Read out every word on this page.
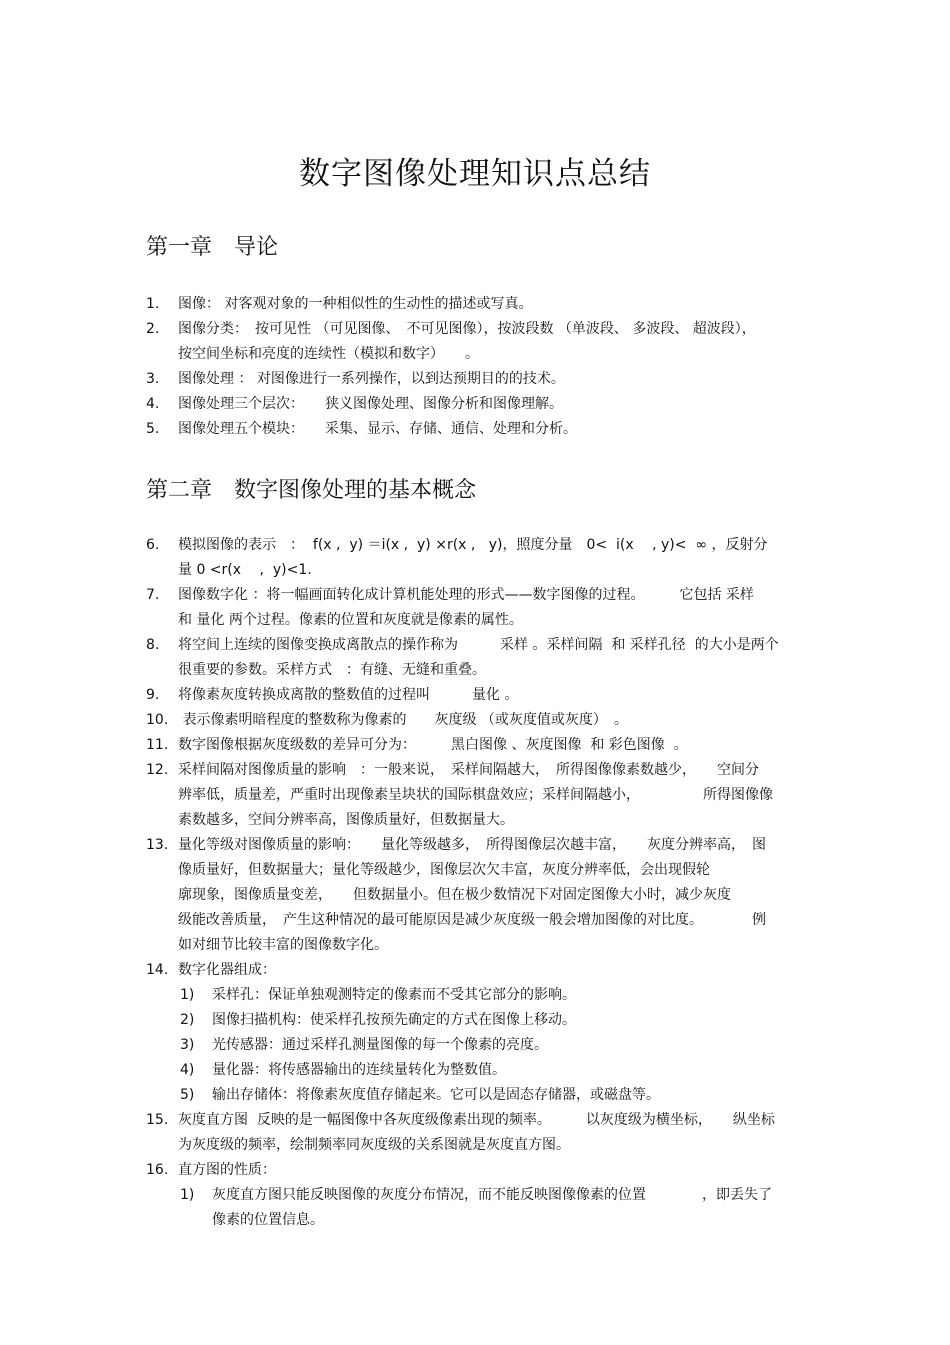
数字图像处理知识点总结
第一章　导论
第二章　数字图像处理的基本概念
1. 图像： 对客观对象的一种相似性的生动性的描述或写真。
2. 图像分类：　按可见性 （可见图像、　不可见图像），按波段数 （单波段、 多波段、 超波段），
按空间坐标和亮度的连续性（模拟和数字）　　。
3. 图像处理 ： 对图像进行一系列操作，以到达预期目的的技术。
4. 图像处理三个层次：　　狭义图像处理、图像分析和图像理解。
5. 图像处理五个模块：　　采集、显示、存储、通信、处理和分析。
6. 模拟图像的表示　：  f(x ,  y) ＝i(x ,  y) ×r(x ,   y)，照度分量　0<  i(x 　, y)<  ∞ ，反射分
量 0 <r(x 　,  y)<1.
7. 图像数字化 ：将一幅画面转化成计算机能处理的形式——数字图像的过程。　　　它包括 采样
和 量化 两个过程。像素的位置和灰度就是像素的属性。
8. 将空间上连续的图像变换成离散点的操作称为　　　采样 。采样间隔  和 采样孔径  的大小是两个
很重要的参数。采样方式　：有缝、无缝和重叠。
9. 将像素灰度转换成离散的整数值的过程叫　　　量化 。
10. 表示像素明暗程度的整数称为像素的　　灰度级 （或灰度值或灰度）　。
11. 数字图像根据灰度级数的差异可分为：　　　黑白图像 、灰度图像  和 彩色图像  。
12. 采样间隔对图像质量的影响　：一般来说，　采样间隔越大，　所得图像像素数越少，　　空间分
辨率低，质量差，严重时出现像素呈块状的国际棋盘效应；采样间隔越小，　　　　　所得图像像
素数越多，空间分辨率高，图像质量好，但数据量大。
13. 量化等级对图像质量的影响：　　量化等级越多，　所得图像层次越丰富，　　灰度分辨率高，　图
像质量好，但数据量大；量化等级越少，图像层次欠丰富，灰度分辨率低，会出现假轮
廓现象，图像质量变差，　　但数据量小。但在极少数情况下对固定图像大小时，减少灰度
级能改善质量，　产生这种情况的最可能原因是减少灰度级一般会增加图像的对比度。　　　　例
如对细节比较丰富的图像数字化。
14. 数字化器组成：
1) 采样孔：保证单独观测特定的像素而不受其它部分的影响。
2) 图像扫描机构：使采样孔按预先确定的方式在图像上移动。
3) 光传感器：通过采样孔测量图像的每一个像素的亮度。
4) 量化器：将传感器输出的连续量转化为整数值。
5) 输出存储体：将像素灰度值存储起来。它可以是固态存储器，或磁盘等。
15. 灰度直方图  反映的是一幅图像中各灰度级像素出现的频率。　　　以灰度级为横坐标，　　纵坐标
为灰度级的频率，绘制频率同灰度级的关系图就是灰度直方图。
16. 直方图的性质：
1) 灰度直方图只能反映图像的灰度分布情况，而不能反映图像像素的位置　　　　，即丢失了
像素的位置信息。
